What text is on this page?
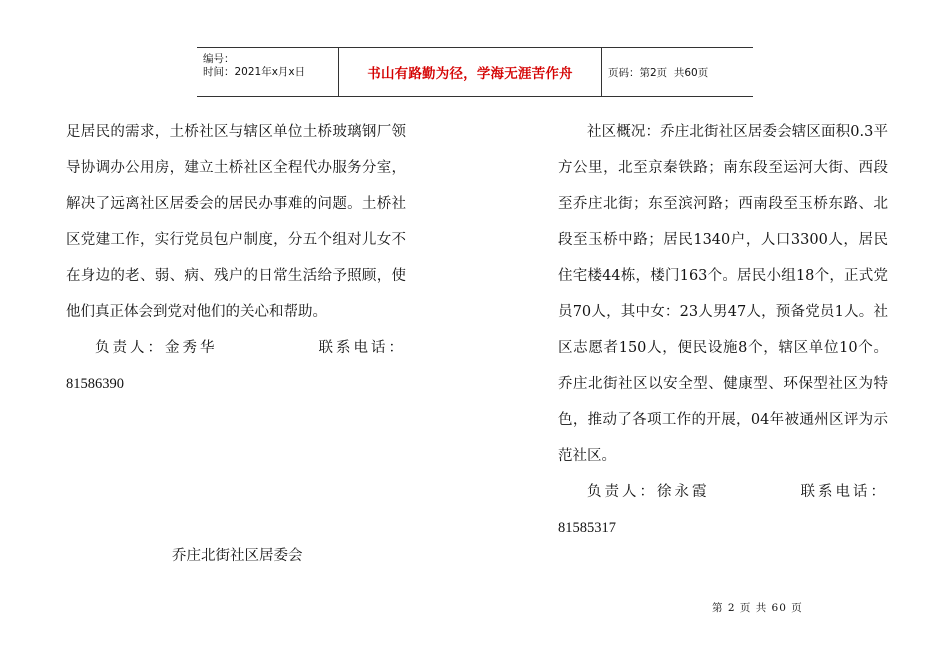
编号：
时间：2021年x月x日	书山有路勤为径，学海无涯苦作舟	页码：第2页  共60页

足居民的需求，土桥社区与辖区单位土桥玻璃钢厂领导协调办公用房，建立土桥社区全程代办服务分室，解决了远离社区居委会的居民办事难的问题。土桥社区党建工作，实行党员包户制度，分五个组对儿女不在身边的老、弱、病、残户的日常生活给予照顾，使他们真正体会到党对他们的关心和帮助。

负责人：金秀华	联系电话：
81586390
乔庄北街社区居委会

社区概况：乔庄北街社区居委会辖区面积0.3平方公里，北至京秦铁路；南东段至运河大街、西段至乔庄北街；东至滨河路；西南段至玉桥东路、北段至玉桥中路；居民1340户，人口3300人，居民住宅楼44栋，楼门163个。居民小组18个，正式党员70人，其中女：23人男47人，预备党员1人。社区志愿者150人，便民设施8个，辖区单位10个。乔庄北街社区以安全型、健康型、环保型社区为特色，推动了各项工作的开展，04年被通州区评为示范社区。

负责人：徐永霞	联系电话：
81585317
第 2 页 共 60 页
